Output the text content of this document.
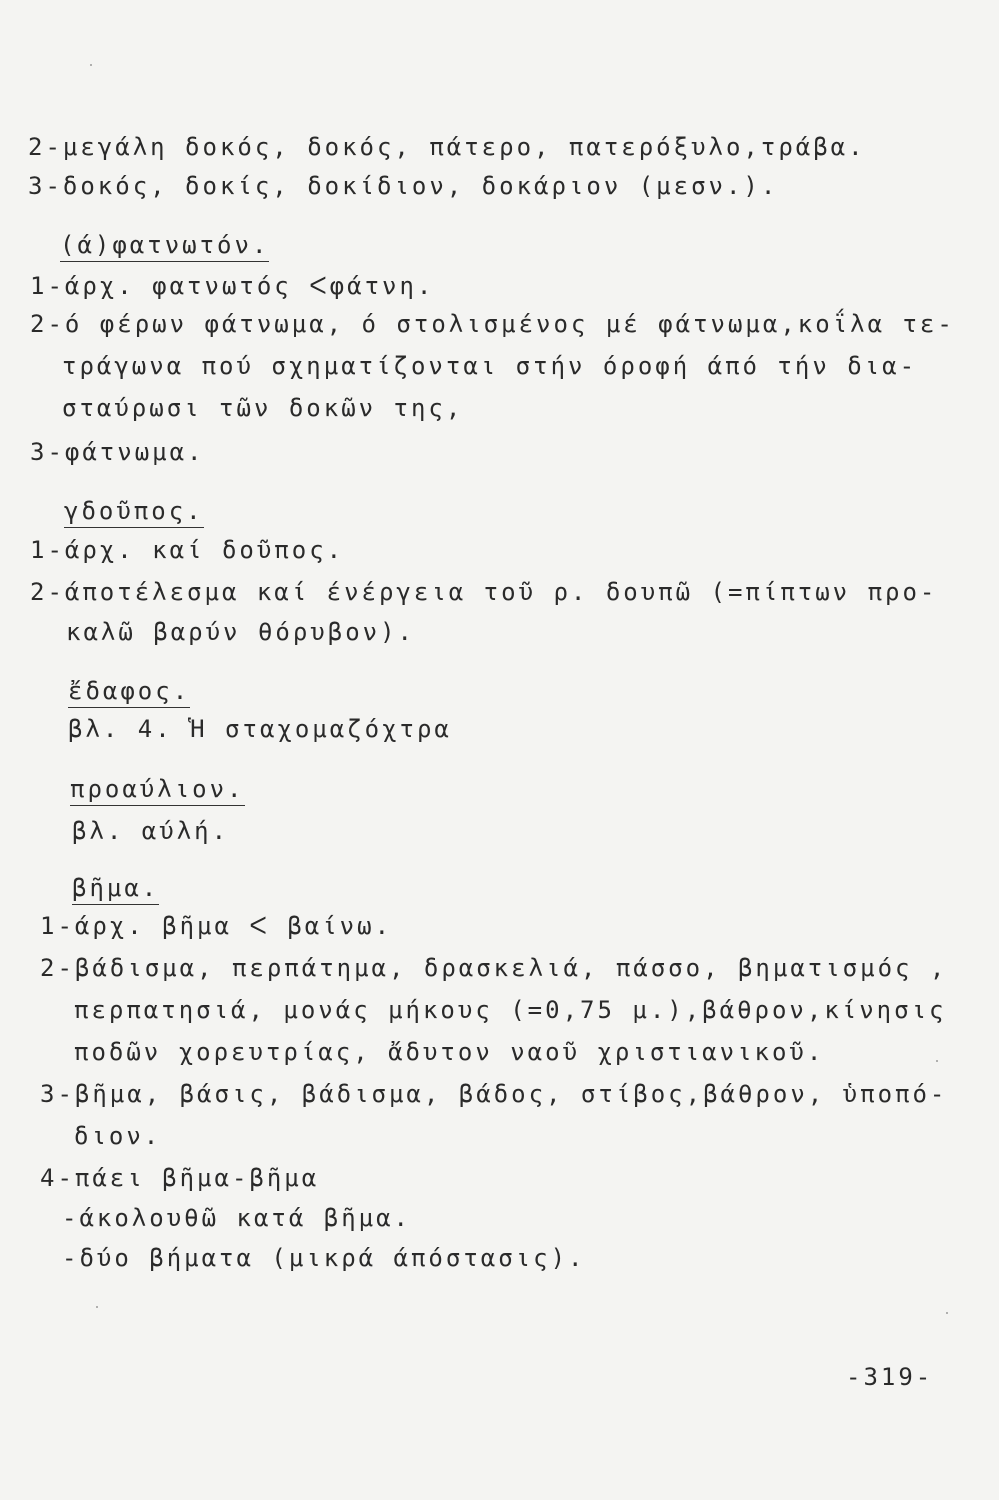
2-μεγάλη δοκός, δοκός, πάτερο, πατερόξυλο,τράβα.
3-δοκός, δοκίς, δοκίδιον, δοκάριον (μεσν.).
(ά)φατνωτόν.
1-άρχ. φατνωτός ᐸφάτνη.
2-ό φέρων φάτνωμα, ό στολισμένος μέ φάτνωμα,κοΐλα τε-
τράγωνα πού σχηματίζονται στήν όροφή άπό τήν δια-
σταύρωσι τῶν δοκῶν της,
3-φάτνωμα.
γδοῦπος.
1-άρχ. καί δοῦπος.
2-άποτέλεσμα καί ένέργεια τοῦ ρ. δουπῶ (=πίπτων προ-
καλῶ βαρύν θόρυβον).
ἔδαφος.
βλ. 4. Ἡ σταχομαζόχτρα
προαύλιον.
βλ. αύλή.
βῆμα.
1-άρχ. βῆμα ᐸ βαίνω.
2-βάδισμα, περπάτημα, δρασκελιά, πάσσο, βηματισμός ,
περπατησιά, μονάς μήκους (=0,75 μ.),βάθρον,κίνησις
ποδῶν χορευτρίας, ἄδυτον ναοῦ χριστιανικοῦ.
3-βῆμα, βάσις, βάδισμα, βάδος, στίβος,βάθρον, ὑποπό-
διον.
4-πάει βῆμα-βῆμα
-άκολουθῶ κατά βῆμα.
-δύο βήματα (μικρά άπόστασις).
-319-
